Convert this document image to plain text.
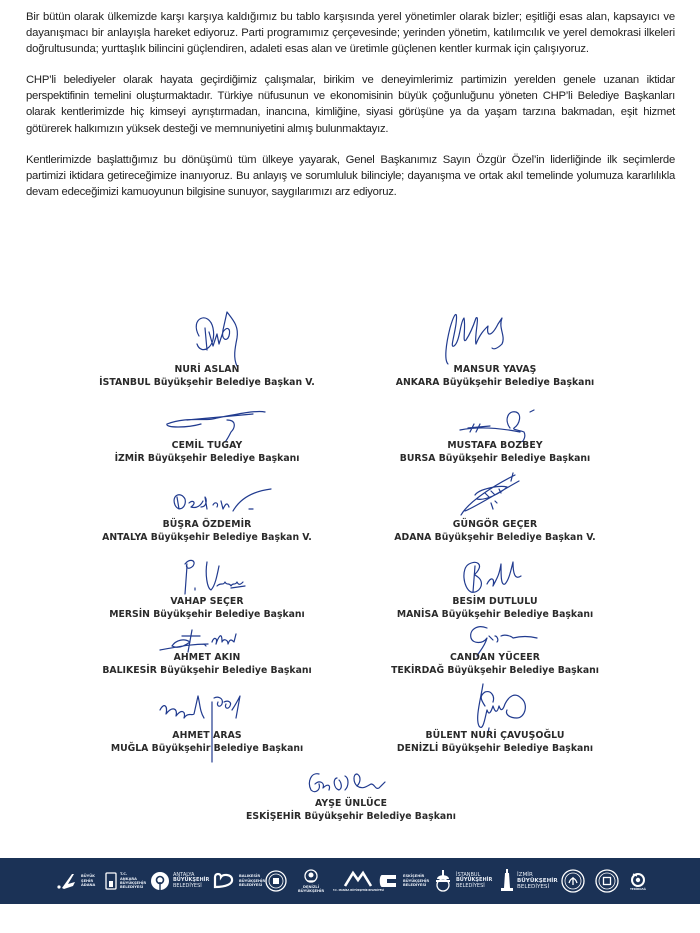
Bir bütün olarak ülkemizde karşı karşıya kaldığımız bu tablo karşısında yerel yönetimler olarak bizler; eşitliği esas alan, kapsayıcı ve dayanışmacı bir anlayışla hareket ediyoruz. Parti programımız çerçevesinde; yerinden yönetim, katılımcılık ve yerel demokrasi ilkeleri doğrultusunda; yurttaşlık bilincini güçlendiren, adaleti esas alan ve üretimle güçlenen kentler kurmak için çalışıyoruz.

CHP’li belediyeler olarak hayata geçirdiğimiz çalışmalar, birikim ve deneyimlerimiz partimizin yerelden genele uzanan iktidar perspektifinin temelini oluşturmaktadır. Türkiye nüfusunun ve ekonomisinin büyük çoğunluğunu yöneten CHP’li Belediye Başkanları olarak kentlerimizde hiç kimseyi ayrıştırmadan, inancına, kimliğine, siyasi görüşüne ya da yaşam tarzına bakmadan, eşit hizmet götürerek halkımızın yüksek desteği ve memnuniyetini almış bulunmaktayız.

Kentlerimizde başlattığımız bu dönüşümü tüm ülkeye yayarak, Genel Başkanımız Sayın Özgür Özel’in liderliğinde ilk seçimlerde partimizi iktidara getireceğimize inanıyoruz. Bu anlayış ve sorumluluk bilinciyle; dayanışma ve ortak akıl temelinde yolumuza kararlılıkla devam edeceğimizi kamuoyunun bilgisine sunuyor, saygılarımızı arz ediyoruz.

NURİ ASLAN
İSTANBUL Büyükşehir Belediye Başkan V.
MANSUR YAVAŞ
ANKARA Büyükşehir Belediye Başkanı
CEMİL TUGAY
İZMİR Büyükşehir Belediye Başkanı
MUSTAFA BOZBEY
BURSA Büyükşehir Belediye Başkanı
BÜŞRA ÖZDEMİR
ANTALYA Büyükşehir Belediye Başkan V.
GÜNGÖR GEÇER
ADANA Büyükşehir Belediye Başkan V.
VAHAP SEÇER
MERSİN Büyükşehir Belediye Başkanı
BESİM DUTLULU
MANİSA Büyükşehir Belediye Başkanı
AHMET AKIN
BALIKESİR Büyükşehir Belediye Başkanı
CANDAN YÜCEER
TEKİRDAĞ Büyükşehir Belediye Başkanı
AHMET ARAS
MUĞLA Büyükşehir Belediye Başkanı
BÜLENT NURİ ÇAVUŞOĞLU
DENİZLİ Büyükşehir Belediye Başkanı
AYŞE ÜNLÜCE
ESKİŞEHİR Büyükşehir Belediye Başkanı
BÜYÜK
ŞEHİR
ADANA
T.C.
ANKARA
BÜYÜKŞEHİR
BELEDİYESİ
ANTALYA
BÜYÜKŞEHİR
BELEDİYESİ
BALIKESİR
BÜYÜKŞEHİR
BELEDİYESİ	DENİZLİ
BÜYÜKŞEHİR	T.C. MANİSA BÜYÜKŞEHİR BELEDİYESİ
ESKİŞEHİR
BÜYÜKŞEHİR
BELEDİYESİ
İSTANBUL
BÜYÜKŞEHİR
BELEDİYESİ
İZMİR
BÜYÜKŞEHİR
BELEDİYESİ	TEKİRDAĞ
